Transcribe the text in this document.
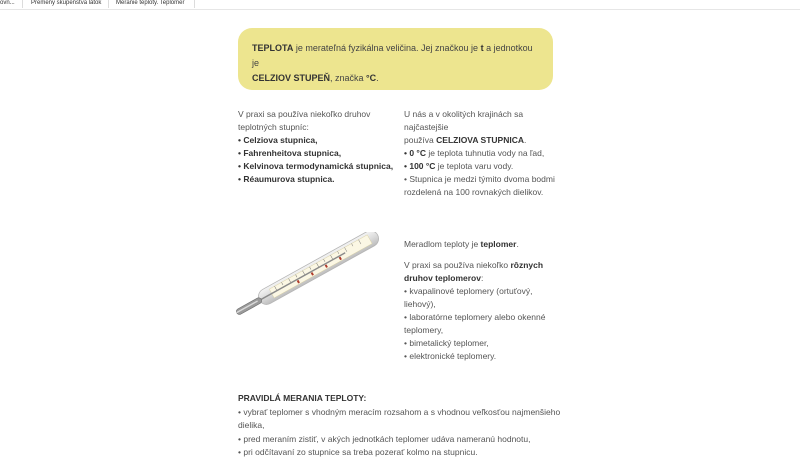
ovn...	Premeny skupenstva látok Meranie teploty. Teplomer
TEPLOTA je merateľná fyzikálna veličina. Jej značkou je t a jednotkou je
CELZIOV STUPEŇ, značka °C.
V praxi sa používa niekoľko druhov teplotných stupníc:
• Celziova stupnica,
• Fahrenheitova stupnica,
• Kelvinova termodynamická stupnica,
• Réaumurova stupnica.
U nás a v okolitých krajinách sa najčastejšie
používa CELZIOVA STUPNICA.
• 0 °C je teplota tuhnutia vody na ľad,
• 100 °C je teplota varu vody.
• Stupnica je medzi týmito dvoma bodmi
rozdelená na 100 rovnakých dielikov.

Meradlom teploty je teplomer.

V praxi sa používa niekoľko rôznych druhov teplomerov:
• kvapalinové teplomery (ortuťový, liehový),
• laboratórne teplomery alebo okenné teplomery,
• bimetalický teplomer,
• elektronické teplomery.
PRAVIDLÁ MERANIA TEPLOTY:
• vybrať teplomer s vhodným meracím rozsahom a s vhodnou veľkosťou najmenšieho dielika,
• pred meraním zistiť, v akých jednotkách teplomer udáva nameranú hodnotu,
• pri odčítavaní zo stupnice sa treba pozerať kolmo na stupnicu.
